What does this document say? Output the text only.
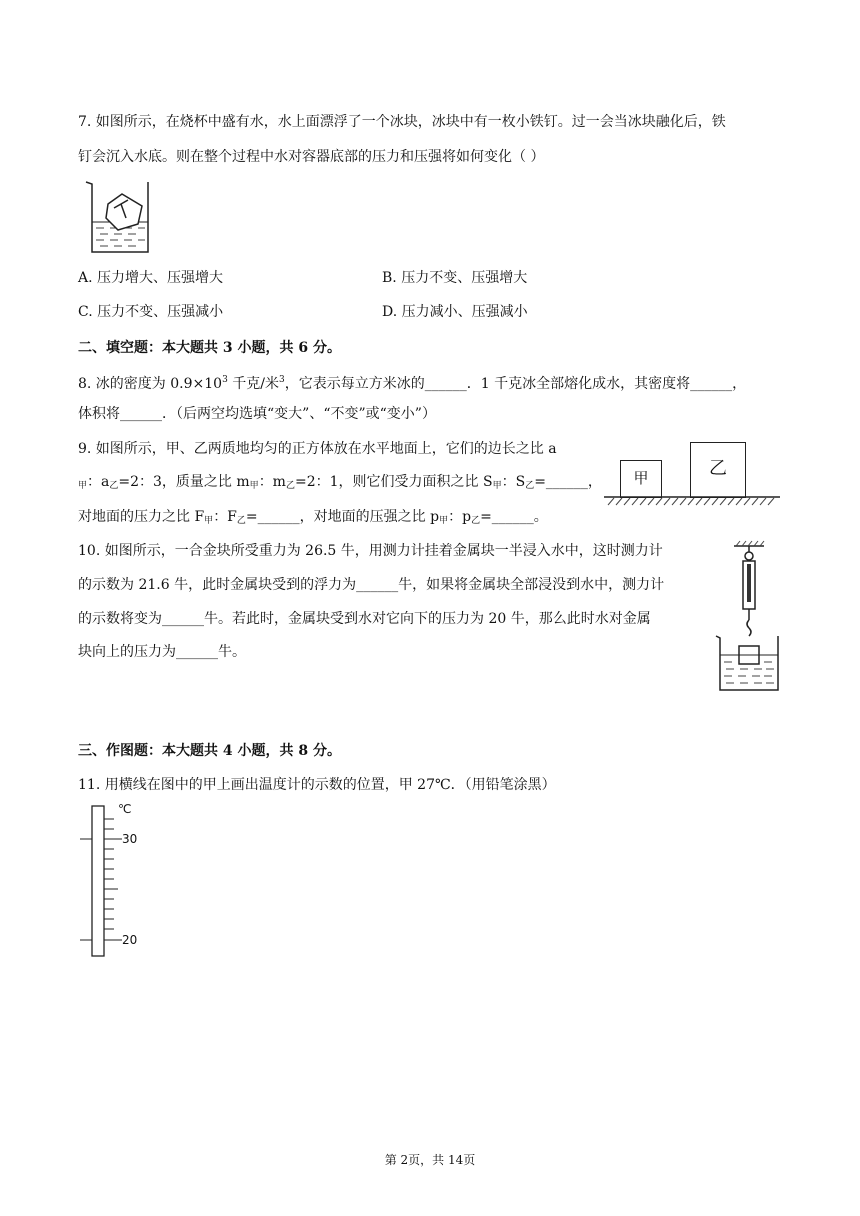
7. 如图所示，在烧杯中盛有水，水上面漂浮了一个冰块，冰块中有一枚小铁钉。过一会当冰块融化后，铁
钉会沉入水底。则在整个过程中水对容器底部的压力和压强将如何变化（ ）
A. 压力增大、压强增大	B. 压力不变、压强增大
C. 压力不变、压强减小	D. 压力减小、压强减小
二、填空题：本大题共 3 小题，共 6 分。
8. 冰的密度为 $0.9\times 10^3$ 千克/米$^3$，它表示每立方米冰的______．1 千克冰全部熔化成水，其密度将______，
体积将______．（后两空均选填“变大”、“不变”或“变小”）
9. 如图所示，甲、乙两质地均匀的正方体放在水平地面上，它们的边长之比 a
$_甲$：$a_乙=2$：3，质量之比 $m_甲$：$m_乙=2$：1，则它们受力面积之比 $S_甲$：$S_乙=\_\_\_\_\_\_$，
对地面的压力之比 $F_甲$：$F_乙=\_\_\_\_\_\_$，对地面的压强之比 $p_甲$：$p_乙=\_\_\_\_\_\_$。
甲	乙
10. 如图所示，一合金块所受重力为 26.5 牛，用测力计挂着金属块一半浸入水中，这时测力计
的示数为 21.6 牛，此时金属块受到的浮力为______牛，如果将金属块全部浸没到水中，测力计
的示数将变为______牛。若此时，金属块受到水对它向下的压力为 20 牛，那么此时水对金属
块向上的压力为______牛。
三、作图题：本大题共 4 小题，共 8 分。
11. 用横线在图中的甲上画出温度计的示数的位置，甲 27℃．（用铅笔涂黑）
℃
30
20
第 2页，共 14页
